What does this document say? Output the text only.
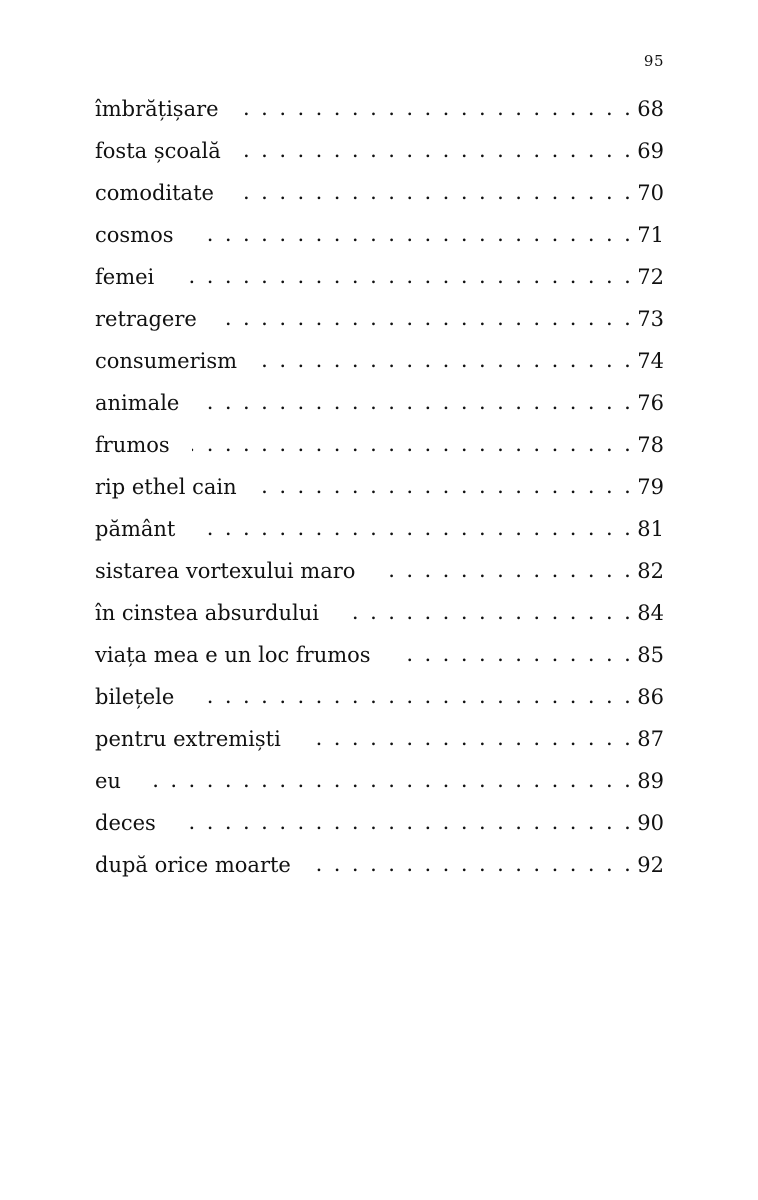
95
îmbrățișare . . .	68
fosta școală . . .	69
comoditate . . .	70
cosmos . . .	71
femei . . .	72
retragere . . .	73
consumerism . . .	74
animale . . .	76
frumos . . .	78
rip ethel cain . . .	79
pământ . . .	81
sistarea vortexului maro . . .	82
în cinstea absurdului . . .	84
viața mea e un loc frumos . . .	85
bilețele . . .	86
pentru extremiști . . .	87
eu . . .	89
deces . . .	90
după orice moarte . . .	92
